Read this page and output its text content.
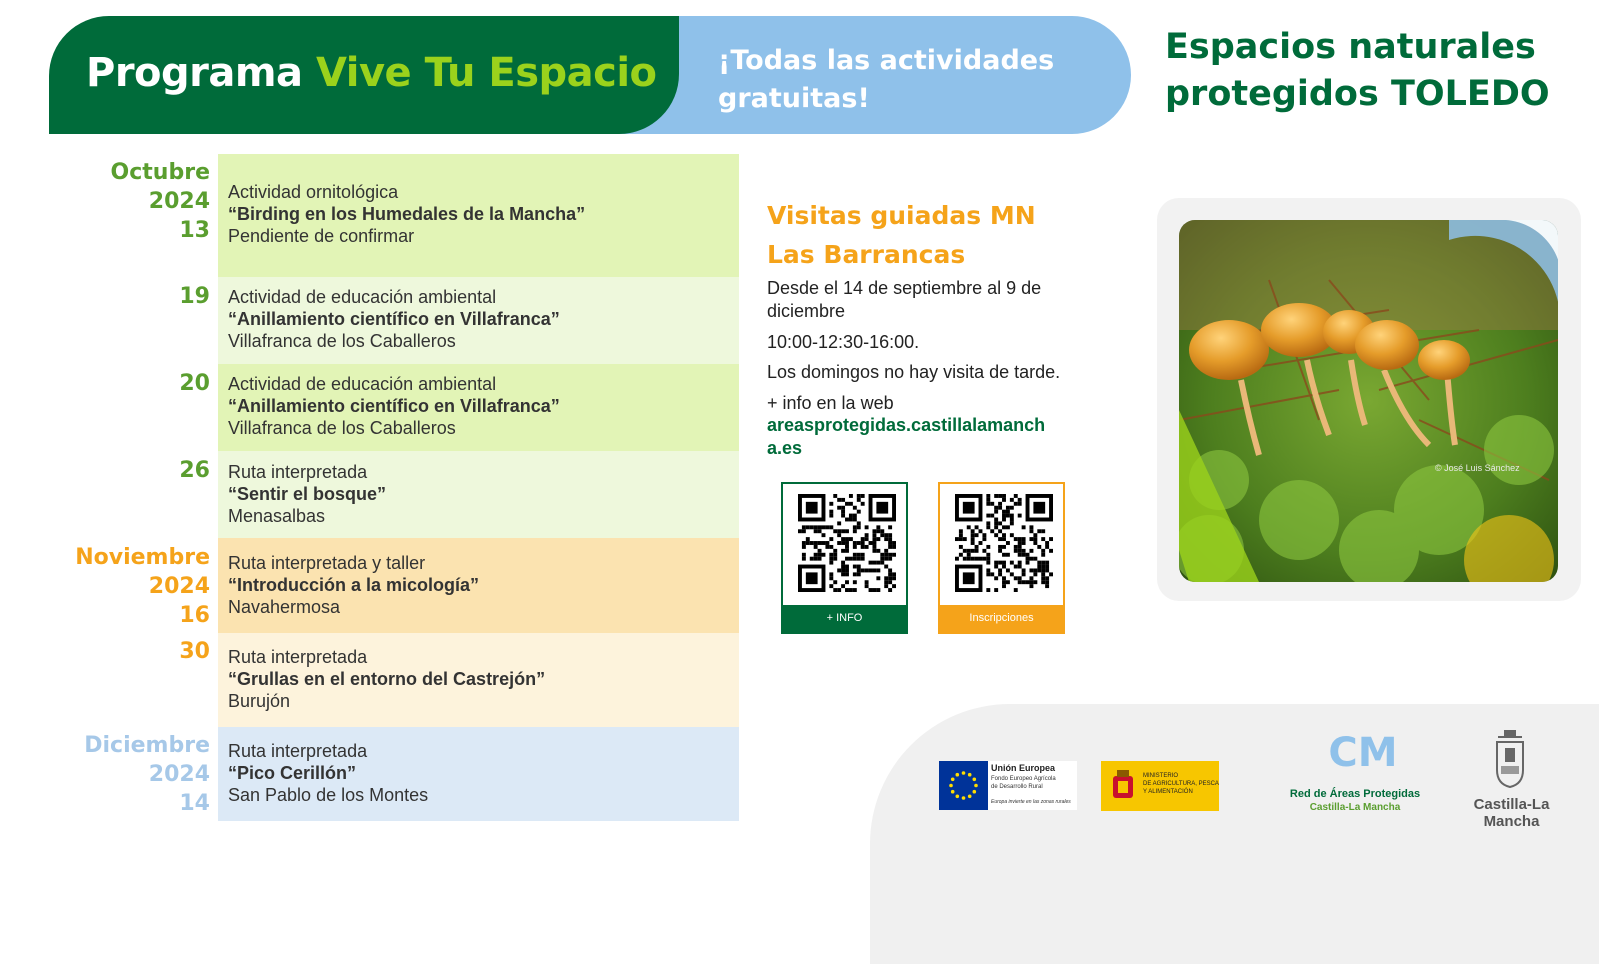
Programa Vive Tu Espacio ¡Todas las actividades
gratuitas!
Espacios naturales
protegidos TOLEDO
Actividad ornitológica
“Birding en los Humedales de la Mancha”
Pendiente de confirmar
Actividad de educación ambiental
“Anillamiento científico en Villafranca”
Villafranca de los Caballeros
Actividad de educación ambiental
“Anillamiento científico en Villafranca”
Villafranca de los Caballeros
Ruta interpretada
“Sentir el bosque”
Menasalbas
Ruta interpretada y taller
“Introducción a la micología”
Navahermosa
Ruta interpretada
“Grullas en el entorno del Castrejón”
Burujón
Ruta interpretada
“Pico Cerillón”
San Pablo de los Montes
Octubre
2024
13
19
20
26
Noviembre
2024
16
30
Diciembre
2024
14
Visitas guiadas MN
Las Barrancas
Desde el 14 de septiembre al 9 de diciembre
10:00-12:30-16:00.
Los domingos no hay visita de tarde.
+ info en la web
areasprotegidas.castillalamancha.es
+ INFO	Inscripciones
© José Luis Sánchez
Unión Europea
Fondo Europeo Agrícola
de Desarrollo Rural
Europa invierte en las zonas rurales
MINISTERIO
DE AGRICULTURA, PESCA
Y ALIMENTACIÓN
CM
Red de Áreas Protegidas
Castilla-La Mancha	Castilla-La Mancha
